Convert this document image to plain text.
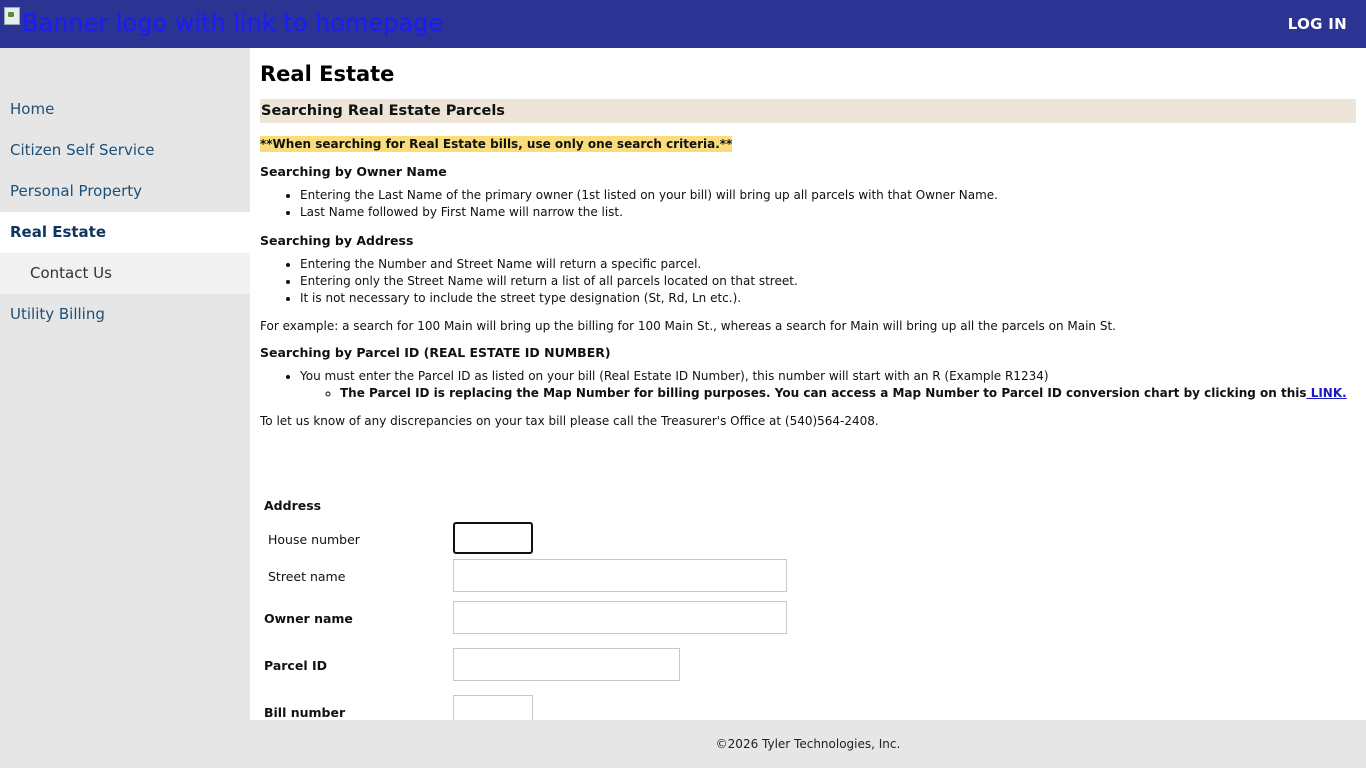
Banner logo with link to homepage	LOG IN
Home
Citizen Self Service
Personal Property
Real Estate
Contact Us
Utility Billing
Real Estate
Searching Real Estate Parcels
**When searching for Real Estate bills, use only one search criteria.**
Searching by Owner Name
• Entering the Last Name of the primary owner (1st listed on your bill) will bring up all parcels with that Owner Name.
• Last Name followed by First Name will narrow the list.
Searching by Address
• Entering the Number and Street Name will return a specific parcel.
• Entering only the Street Name will return a list of all parcels located on that street.
• It is not necessary to include the street type designation (St, Rd, Ln etc.).

For example: a search for 100 Main will bring up the billing for 100 Main St., whereas a search for Main will bring up all the parcels on Main St.

Searching by Parcel ID (REAL ESTATE ID NUMBER)
• You must enter the Parcel ID as listed on your bill (Real Estate ID Number), this number will start with an R (Example R1234)
◦ The Parcel ID is replacing the Map Number for billing purposes. You can access a Map Number to Parcel ID conversion chart by clicking on this LINK.

To let us know of any discrepancies on your tax bill please call the Treasurer's Office at (540)564-2408.

Address
House number
Street name
Owner name
Parcel ID
Bill number
©2026 Tyler Technologies, Inc.
